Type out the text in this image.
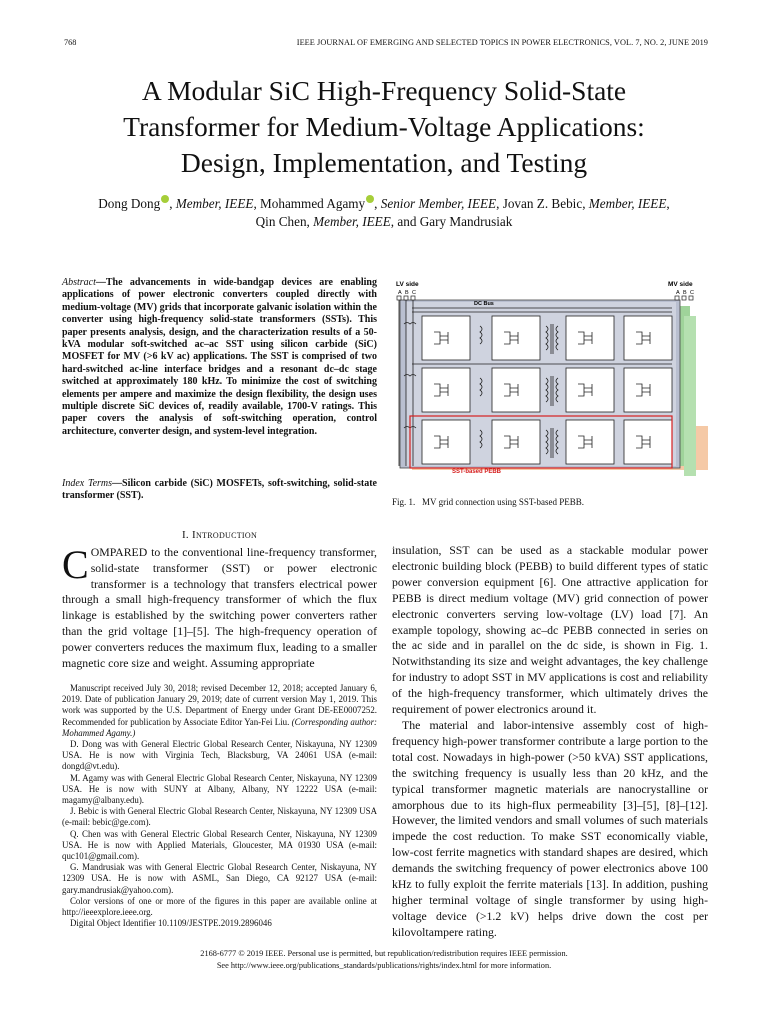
768	IEEE JOURNAL OF EMERGING AND SELECTED TOPICS IN POWER ELECTRONICS, VOL. 7, NO. 2, JUNE 2019
A Modular SiC High-Frequency Solid-State
Transformer for Medium-Voltage Applications:
Design, Implementation, and Testing
Dong Dong , Member, IEEE, Mohammed Agamy , Senior Member, IEEE, Jovan Z. Bebic, Member, IEEE,
Qin Chen, Member, IEEE, and Gary Mandrusiak
Abstract—The advancements in wide-bandgap devices are enabling applications of power electronic converters coupled directly with medium-voltage (MV) grids that incorporate galvanic isolation within the converter using high-frequency solid-state transformers (SSTs). This paper presents analysis, design, and the characterization results of a 50-kVA modular soft-switched ac–ac SST using silicon carbide (SiC) MOSFET for MV (>6 kV ac) applications. The SST is comprised of two hard-switched ac-line interface bridges and a resonant dc–dc stage switched at approximately 180 kHz. To minimize the cost of switching elements per ampere and maximize the design flexibility, the design uses multiple discrete SiC devices of, readily available, 1700-V ratings. This paper covers the analysis of soft-switching operation, control architecture, converter design, and system-level integration.
Index Terms—Silicon carbide (SiC) MOSFETs, soft-switching, solid-state transformer (SST).
I. Introduction
COMPARED to the conventional line-frequency transformer, solid-state transformer (SST) or power electronic transformer is a technology that transfers electrical power through a small high-frequency transformer of which the flux linkage is established by the switching power converters rather than the grid voltage [1]–[5]. The high-frequency operation of power converters reduces the maximum flux, leading to a smaller magnetic core size and weight. Assuming appropriate

Manuscript received July 30, 2018; revised December 12, 2018; accepted January 6, 2019. Date of publication January 29, 2019; date of current version May 1, 2019. This work was supported by the U.S. Department of Energy under Grant DE-EE0007252. Recommended for publication by Associate Editor Yan-Fei Liu. (Corresponding author: Mohammed Agamy.)

D. Dong was with General Electric Global Research Center, Niskayuna, NY 12309 USA. He is now with Virginia Tech, Blacksburg, VA 24061 USA (e-mail: dongd@vt.edu).

M. Agamy was with General Electric Global Research Center, Niskayuna, NY 12309 USA. He is now with SUNY at Albany, Albany, NY 12222 USA (e-mail: magamy@albany.edu).

J. Bebic is with General Electric Global Research Center, Niskayuna, NY 12309 USA (e-mail: bebic@ge.com).

Q. Chen was with General Electric Global Research Center, Niskayuna, NY 12309 USA. He is now with Applied Materials, Gloucester, MA 01930 USA (e-mail: quc101@gmail.com).

G. Mandrusiak was with General Electric Global Research Center, Niskayuna, NY 12309 USA. He is now with ASML, San Diego, CA 92127 USA (e-mail: gary.mandrusiak@yahoo.com).

Color versions of one or more of the figures in this paper are available online at http://ieeexplore.ieee.org.

Digital Object Identifier 10.1109/JESTPE.2019.2896046

LV side
A B C
MV side
A B C
DC Bus
SST-based PEBB
Fig. 1. MV grid connection using SST-based PEBB.

insulation, SST can be used as a stackable modular power electronic building block (PEBB) to build different types of static power conversion equipment [6]. One attractive application for PEBB is direct medium voltage (MV) grid connection of power electronic converters serving low-voltage (LV) load [7]. An example topology, showing ac–dc PEBB connected in series on the ac side and in parallel on the dc side, is shown in Fig. 1. Notwithstanding its size and weight advantages, the key challenge for industry to adopt SST in MV applications is cost and reliability of the high-frequency transformer, which ultimately drives the requirement of power electronics around it.

The material and labor-intensive assembly cost of high-frequency high-power transformer contribute a large portion to the total cost. Nowadays in high-power (>50 kVA) SST applications, the switching frequency is usually less than 20 kHz, and the typical transformer magnetic materials are nanocrystalline or amorphous due to its high-flux permeability [3]–[5], [8]–[12]. However, the limited vendors and small volumes of such materials impede the cost reduction. To make SST economically viable, low-cost ferrite magnetics with standard shapes are desired, which demands the switching frequency of power electronics above 100 kHz to fully exploit the ferrite materials [13]. In addition, pushing higher terminal voltage of single transformer by using high-voltage device (>1.2 kV) helps drive down the cost per kilovoltampere rating.

2168-6777 © 2019 IEEE. Personal use is permitted, but republication/redistribution requires IEEE permission.
See http://www.ieee.org/publications_standards/publications/rights/index.html for more information.
